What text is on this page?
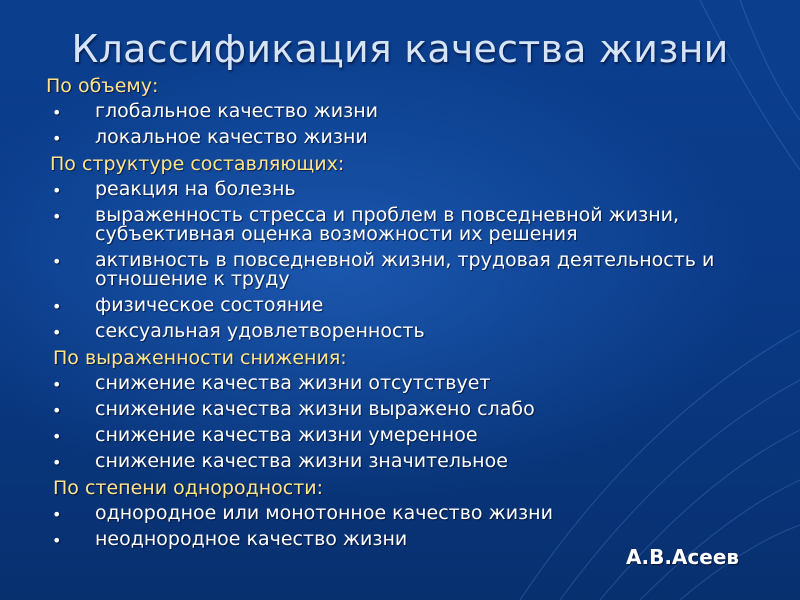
Классификация качества жизни
По объему:
• глобальное качество жизни
• локальное качество жизни
По структуре составляющих:
• реакция на болезнь
• выраженность стресса и проблем в повседневной жизни, субъективная оценка возможности их решения
• активность в повседневной жизни, трудовая деятельность и отношение к труду
• физическое состояние
• сексуальная удовлетворенность
По выраженности снижения:
• снижение качества жизни отсутствует
• снижение качества жизни выражено слабо
• снижение качества жизни умеренное
• снижение качества жизни значительное
По степени однородности:
• однородное или монотонное качество жизни
• неоднородное качество жизни
А.В.Асеев
